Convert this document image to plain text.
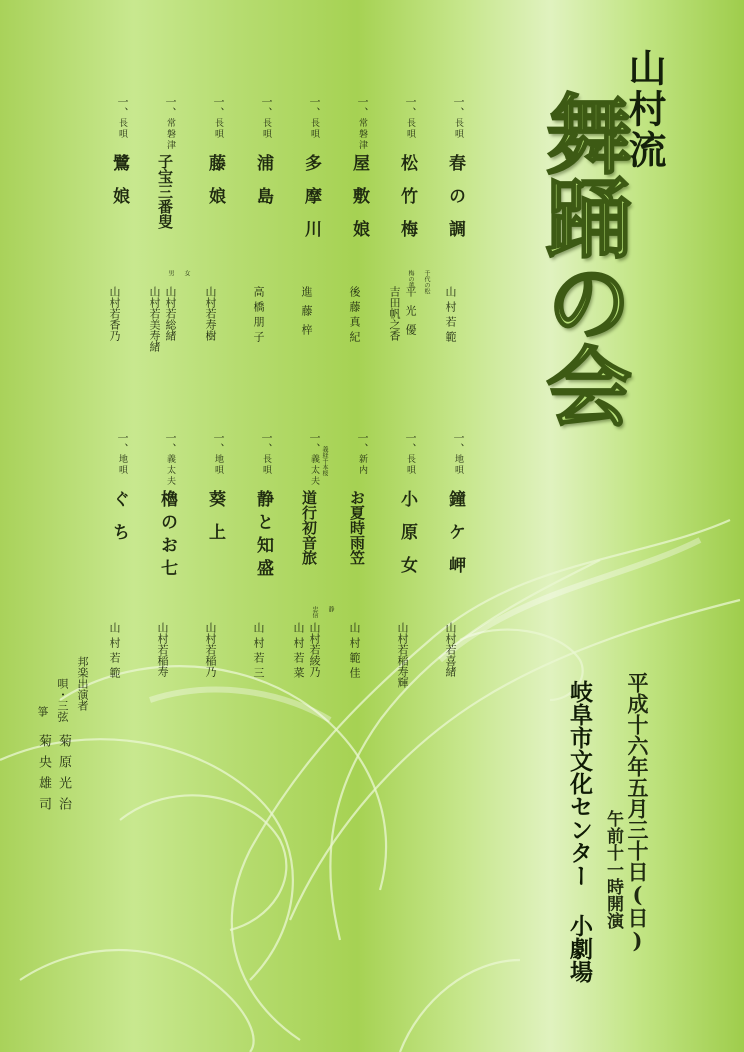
山村流
舞踊の会
一、
長唄
春の調
山村若範
一、
長唄
松竹梅
千代の松
平光優
梅の薫
吉田帆之香
一、
常磐津
屋敷娘
後藤真紀
一、
長唄
多摩川
進藤梓
一、
長唄
浦島
高橋朋子
一、
長唄
藤娘
山村若寿樹
一、
常磐津
子宝三番叟
女
山村若総緒
男
山村若美寿緒
一、
長唄
鷺娘
山村若香乃
一、
地唄
鐘ケ岬
山村若喜緒
一、
長唄
小原女
山村若稲寿輝
一、
新内
お夏時雨笠
山村範佳
一、
義太夫 義経千本桜
道行初音旅
静
山村若綾乃
忠信
山村若菜
一、
長唄
静と知盛
山村若三
一、
地唄
葵上
山村若稲乃
一、
義太夫
櫓のお七
山村若稲寿
一、
地唄
ぐち
山村若範
邦楽出演者
唄・三弦
菊原光治
箏
菊央雄司	平成十六年五月三十日(日)
午前十一時開演
岐阜市文化センター 小劇場
